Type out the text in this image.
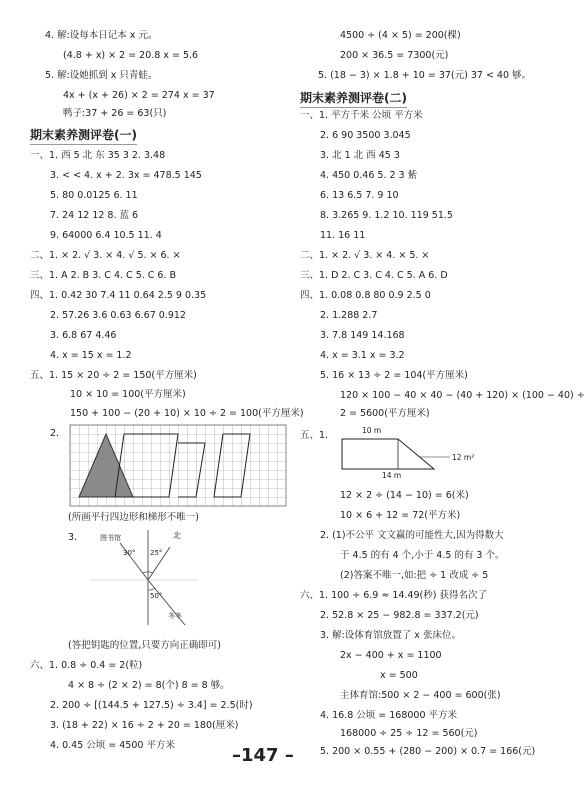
4. 解:设每本日记本 x 元。
(4.8 + x) × 2 = 20.8 x = 5.6
5. 解:设她抓到 x 只青蛙。
4x + (x + 26) × 2 = 274 x = 37
鸭子:37 + 26 = 63(只)
期末素养测评卷(一)
一、1. 西 5 北 东 35 3 2. 3.48
3. < < 4. x + 2. 3x = 478.5 145
5. 80 0.0125 6. 11
7. 24 12 12 8. 蓝 6
9. 64000 6.4 10.5 11. 4
二、1. × 2. √ 3. × 4. √ 5. × 6. ×
三、1. A 2. B 3. C 4. C 5. C 6. B
四、1. 0.42 30 7.4 11 0.64 2.5 9 0.35
2. 57.26 3.6 0.63 6.67 0.912
3. 6.8 67 4.46
4. x = 15 x = 1.2
五、1. 15 × 20 ÷ 2 = 150(平方厘米)
10 × 10 = 100(平方厘米)
150 + 100 − (20 + 10) × 10 ÷ 2 = 100(平方厘米)
2.
(所画平行四边形和梯形不唯一)
3.	图书馆	北
30° 25°
50°
冬冬
(答把钥匙的位置,只要方向正确即可)
六、1. 0.8 ÷ 0.4 = 2(粒)
4 × 8 ÷ (2 × 2) = 8(个) 8 = 8 够。
2. 200 ÷ [(144.5 + 127.5) ÷ 3.4] = 2.5(时)
3. (18 + 22) × 16 ÷ 2 + 20 = 180(厘米)
4. 0.45 公顷 = 4500 平方米
4500 ÷ (4 × 5) = 200(棵)
200 × 36.5 = 7300(元)
5. (18 − 3) × 1.8 + 10 = 37(元) 37 < 40 够。
期末素养测评卷(二)
一、1. 平方千米 公顷 平方米
2. 6 90 3500 3.045
3. 北 1 北 西 45 3
4. 450 0.46 5. 2 3 紫
6. 13 6.5 7. 9 10
8. 3.265 9. 1.2 10. 119 51.5
11. 16 11
二、1. × 2. √ 3. × 4. × 5. ×
三、1. D 2. C 3. C 4. C 5. A 6. D
四、1. 0.08 0.8 80 0.9 2.5 0
2. 1.288 2.7
3. 7.8 149 14.168
4. x = 3.1 x = 3.2
5. 16 × 13 ÷ 2 = 104(平方厘米)
120 × 100 − 40 × 40 − (40 + 120) × (100 − 40) ÷
2 = 5600(平方厘米)
五、1.	10 m
12 m²
14 m
12 × 2 ÷ (14 − 10) = 6(米)
10 × 6 + 12 = 72(平方米)
2. (1)不公平 文文赢的可能性大,因为得数大
于 4.5 的有 4 个,小于 4.5 的有 3 个。
(2)答案不唯一,如:把 ÷ 1 改成 ÷ 5
六、1. 100 ÷ 6.9 ≈ 14.49(秒) 获得名次了
2. 52.8 × 25 − 982.8 = 337.2(元)
3. 解:设体育馆放置了 x 张床位。
2x − 400 + x = 1100
x = 500
主体育馆:500 × 2 − 400 = 600(张)
4. 16.8 公顷 = 168000 平方米
168000 ÷ 25 ÷ 12 = 560(元)
5. 200 × 0.55 + (280 − 200) × 0.7 = 166(元)
–147 –
